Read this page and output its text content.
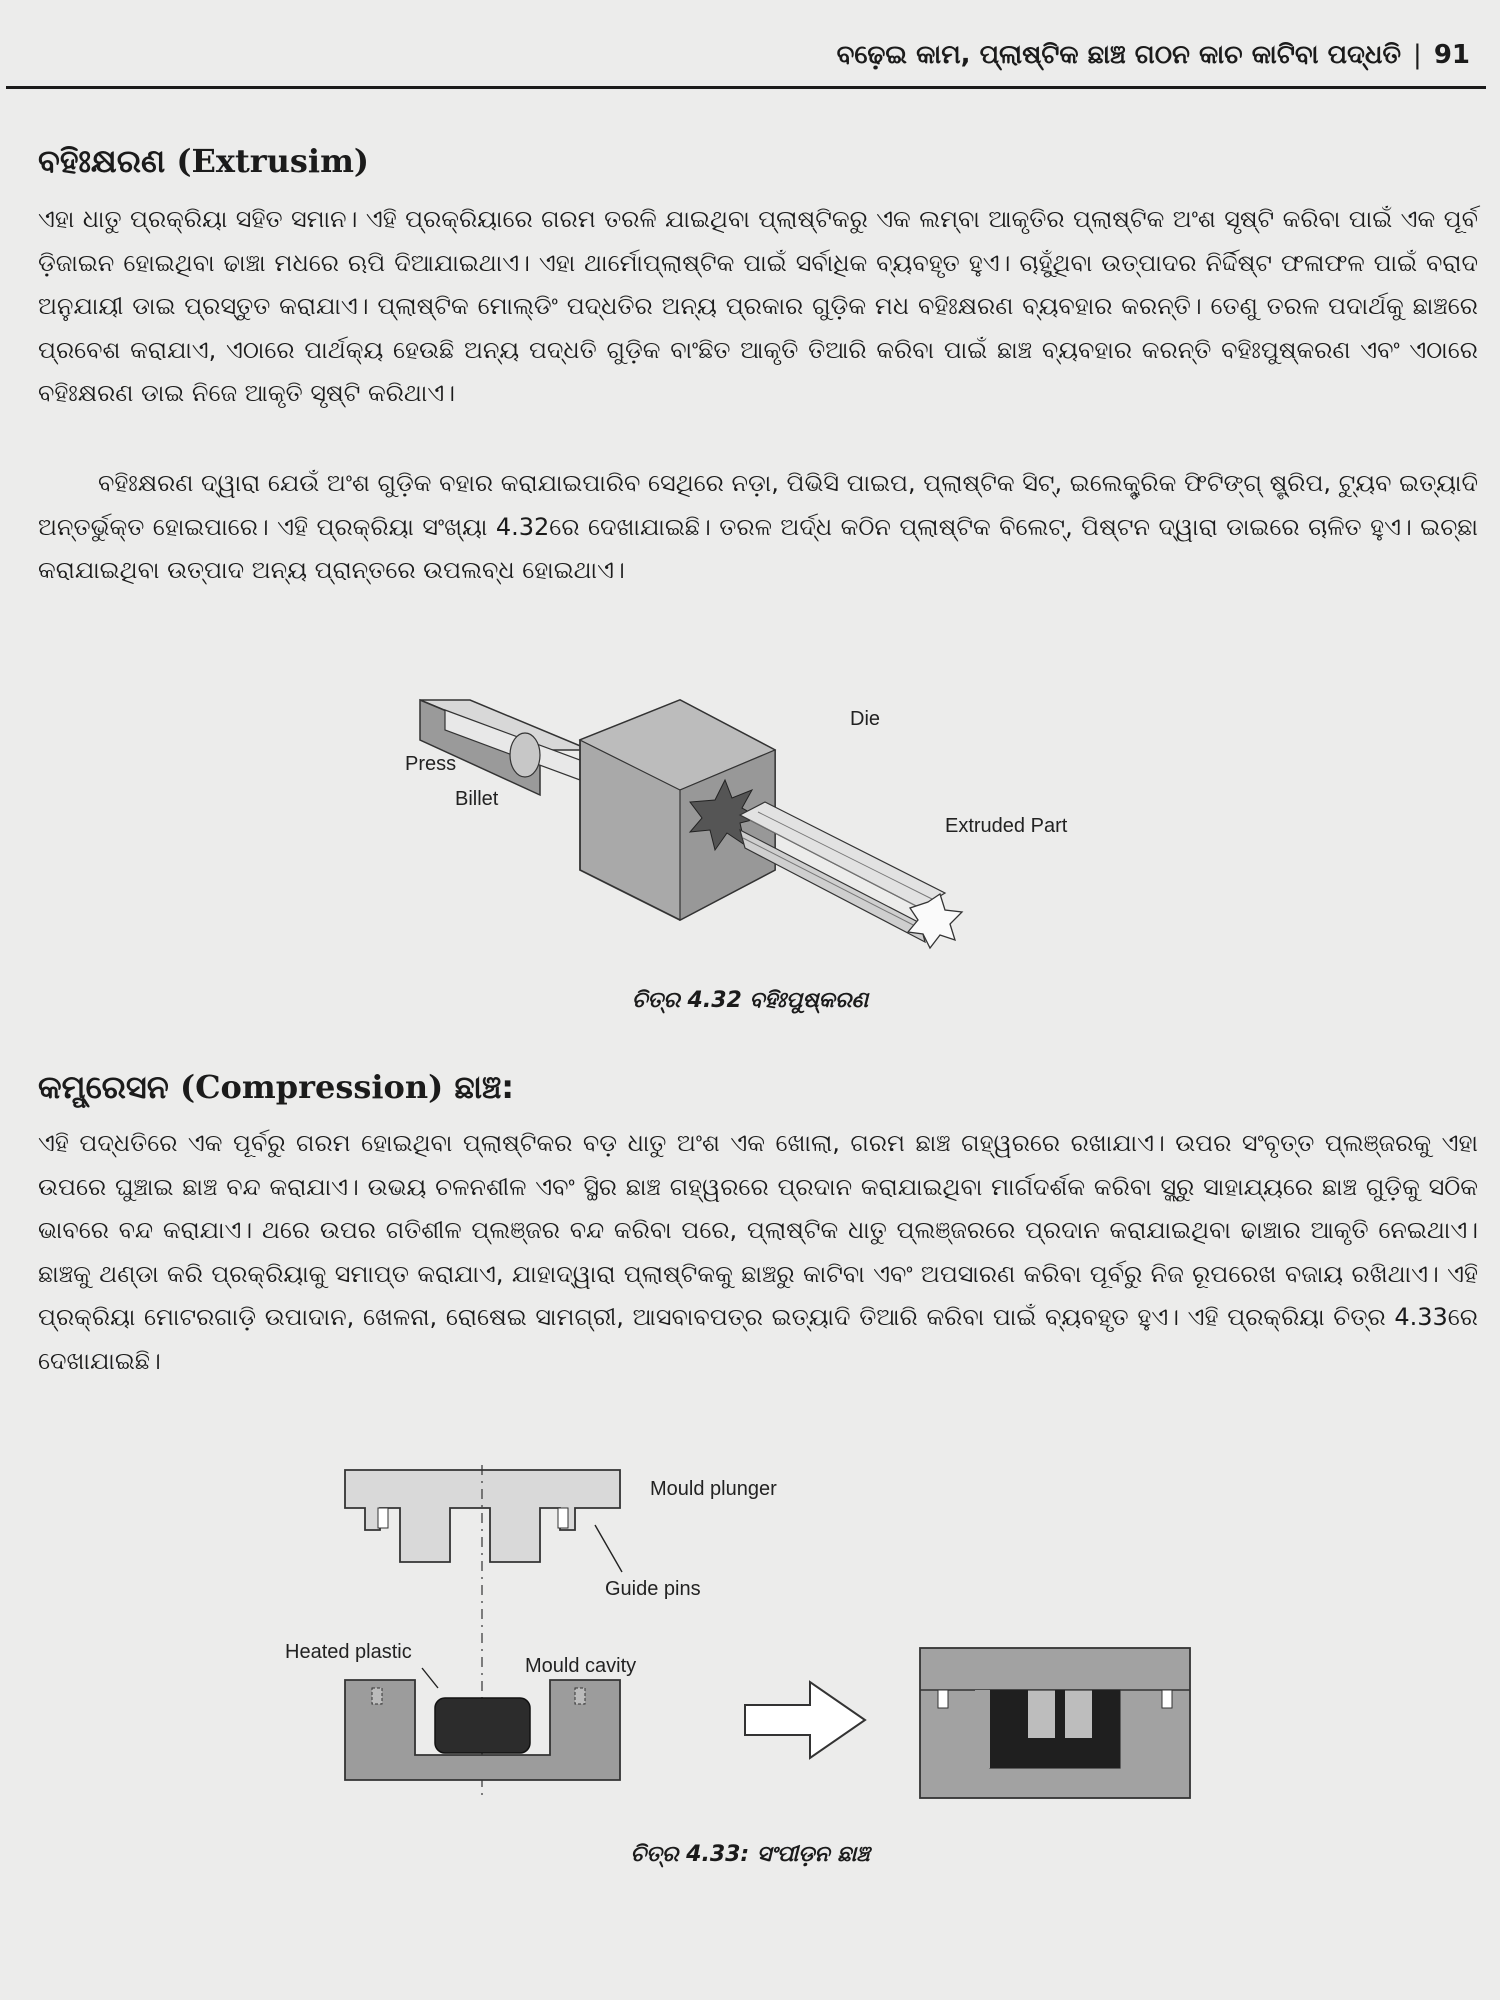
ବଢ଼େଇ କାମ, ପ୍ଲାଷ୍ଟିକ ଛାଞ୍ଚ ଗଠନ କାଚ କାଟିବା ପଦ୍ଧତି | 91
ବହିଃକ୍ଷରଣ (Extrusim)

ଏହା ଧାତୁ ପ୍ରକ୍ରିୟା ସହିତ ସମାନ। ଏହି ପ୍ରକ୍ରିୟାରେ ଗରମ ତରଳି ଯାଇଥିବା ପ୍ଲାଷ୍ଟିକରୁ ଏକ ଲମ୍ବା ଆକୃତିର ପ୍ଲାଷ୍ଟିକ ଅଂଶ ସୃଷ୍ଟି କରିବା ପାଇଁ ଏକ ପୂର୍ବ ଡ଼ିଜାଇନ ହୋଇଥିବା ଢାଞ୍ଚା ମଧରେ ଋପି ଦିଆଯାଇଥାଏ। ଏହା ଥାର୍ମୋପ୍ଲାଷ୍ଟିକ ପାଇଁ ସର୍ବାଧିକ ବ୍ୟବହୃତ ହୁଏ। ଚାହୁଁଥିବା ଉତ୍ପାଦର ନିର୍ଦ୍ଦିଷ୍ଟ ଫଳାଫଳ ପାଇଁ ବରାଦ ଅନୁଯାୟୀ ଡାଇ ପ୍ରସ୍ତୁତ କରାଯାଏ। ପ୍ଲାଷ୍ଟିକ ମୋଲ୍ଡିଂ ପଦ୍ଧତିର ଅନ୍ୟ ପ୍ରକାର ଗୁଡ଼ିକ ମଧ ବହିଃକ୍ଷରଣ ବ୍ୟବହାର କରନ୍ତି। ତେଣୁ ତରଳ ପଦାର୍ଥକୁ ଛାଞ୍ଚରେ ପ୍ରବେଶ କରାଯାଏ, ଏଠାରେ ପାର୍ଥକ୍ୟ ହେଉଛି ଅନ୍ୟ ପଦ୍ଧତି ଗୁଡ଼ିକ ବାଂଛିତ ଆକୃତି ତିଆରି କରିବା ପାଇଁ ଛାଞ୍ଚ ବ୍ୟବହାର କରନ୍ତି ବହିଃପୁଷ୍କରଣ ଏବଂ ଏଠାରେ ବହିଃକ୍ଷରଣ ଡାଇ ନିଜେ ଆକୃତି ସୃଷ୍ଟି କରିଥାଏ।

ବହିଃକ୍ଷରଣ ଦ୍ୱାରା ଯେଉଁ ଅଂଶ ଗୁଡ଼ିକ ବହାର କରାଯାଇପାରିବ ସେଥିରେ ନଡ଼ା, ପିଭିସି ପାଇପ, ପ୍ଲାଷ୍ଟିକ ସିଟ୍, ଇଲେକ୍ଟ୍ରିକ ଫିଟିଙ୍ଗ୍ ଷ୍ଟ୍ରିପ, ଟ୍ୟୁବ ଇତ୍ୟାଦି ଅନ୍ତର୍ଭୁକ୍ତ ହୋଇପାରେ। ଏହି ପ୍ରକ୍ରିୟା ସଂଖ୍ୟା 4.32ରେ ଦେଖାଯାଇଛି। ତରଳ ଅର୍ଦ୍ଧ କଠିନ ପ୍ଲାଷ୍ଟିକ ବିଲେଟ୍, ପିଷ୍ଟନ ଦ୍ୱାରା ଡାଇରେ ଚାଳିତ ହୁଏ। ଇଚ୍ଛା କରାଯାଇଥିବା ଉତ୍ପାଦ ଅନ୍ୟ ପ୍ରାନ୍ତରେ ଉପଲବ୍ଧ ହୋଇଥାଏ।

Die
Press
Billet
Extruded Part
ଚିତ୍ର 4.32 ବହିଃପୁଷ୍କରଣ
କମ୍ପ୍ରେସନ (Compression) ଛାଞ୍ଚ:

ଏହି ପଦ୍ଧତିରେ ଏକ ପୂର୍ବରୁ ଗରମ ହୋଇଥିବା ପ୍ଲାଷ୍ଟିକର ବଡ଼ ଧାତୁ ଅଂଶ ଏକ ଖୋଲା, ଗରମ ଛାଞ୍ଚ ଗହ୍ୱରରେ ରଖାଯାଏ। ଉପର ସଂବୃତ୍ତ ପ୍ଲଞ୍ଜରକୁ ଏହା ଉପରେ ଘୁଞ୍ଚାଇ ଛାଞ୍ଚ ବନ୍ଦ କରାଯାଏ। ଉଭୟ ଚଳନଶୀଳ ଏବଂ ସ୍ଥିର ଛାଞ୍ଚ ଗହ୍ୱରରେ ପ୍ରଦାନ କରାଯାଇଥିବା ମାର୍ଗଦର୍ଶକ କରିବା ସ୍କ୍ରୁ ସାହାଯ୍ୟରେ ଛାଞ୍ଚ ଗୁଡ଼ିକୁ ସଠିକ ଭାବରେ ବନ୍ଦ କରାଯାଏ। ଥରେ ଉପର ଗତିଶୀଳ ପ୍ଲଞ୍ଜର ବନ୍ଦ କରିବା ପରେ, ପ୍ଲାଷ୍ଟିକ ଧାତୁ ପ୍ଲଞ୍ଜରରେ ପ୍ରଦାନ କରାଯାଇଥିବା ଢାଞ୍ଚାର ଆକୃତି ନେଇଥାଏ। ଛାଞ୍ଚକୁ ଥଣ୍ଡା କରି ପ୍ରକ୍ରିୟାକୁ ସମାପ୍ତ କରାଯାଏ, ଯାହାଦ୍ୱାରା ପ୍ଲାଷ୍ଟିକକୁ ଛାଞ୍ଚରୁ କାଟିବା ଏବଂ ଅପସାରଣ କରିବା ପୂର୍ବରୁ ନିଜ ରୂପରେଖ ବଜାୟ ରଖିଥାଏ। ଏହି ପ୍ରକ୍ରିୟା ମୋଟରଗାଡ଼ି ଉପାଦାନ, ଖେଳନା, ରୋଷେଇ ସାମଗ୍ରୀ, ଆସବାବପତ୍ର ଇତ୍ୟାଦି ତିଆରି କରିବା ପାଇଁ ବ୍ୟବହୃତ ହୁଏ। ଏହି ପ୍ରକ୍ରିୟା ଚିତ୍ର 4.33ରେ ଦେଖାଯାଇଛି।

Mould plunger
Guide pins
Heated plastic
Mould cavity
ଚିତ୍ର 4.33: ସଂପୀଡ଼ନ ଛାଞ୍ଚ
